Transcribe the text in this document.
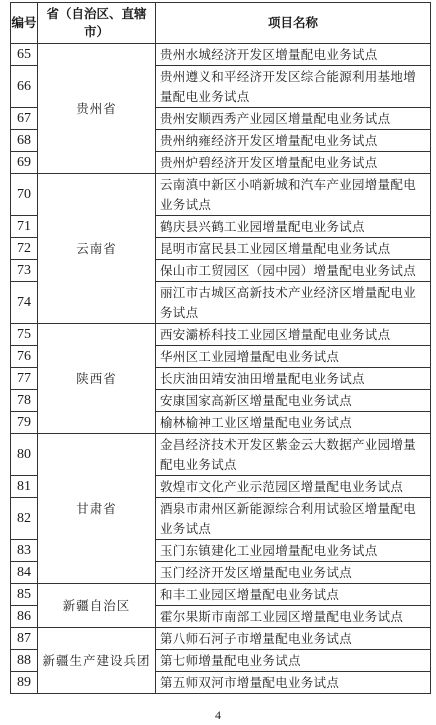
编号	省（自治区、直辖市）	项目名称
65	贵州省	贵州水城经济开发区增量配电业务试点
66		贵州遵义和平经济开发区综合能源利用基地增量配电业务试点
67		贵州安顺西秀产业园区增量配电业务试点
68		贵州纳雍经济开发区增量配电业务试点
69		贵州炉碧经济开发区增量配电业务试点
70	云南省	云南滇中新区小哨新城和汽车产业园增量配电业务试点
71		鹤庆县兴鹤工业园增量配电业务试点
72		昆明市富民县工业园区增量配电业务试点
73		保山市工贸园区（园中园）增量配电业务试点
74		丽江市古城区高新技术产业经济区增量配电业务试点
75	陕西省	西安灞桥科技工业园区增量配电业务试点
76		华州区工业园增量配电业务试点
77		长庆油田靖安油田增量配电业务试点
78		安康国家高新区增量配电业务试点
79		榆林榆神工业区增量配电业务试点
80	甘肃省	金昌经济技术开发区紫金云大数据产业园增量配电业务试点
81		敦煌市文化产业示范园区增量配电业务试点
82		酒泉市肃州区新能源综合利用试验区增量配电业务试点
83		玉门东镇建化工业园增量配电业务试点
84		玉门经济开发区增量配电业务试点
85	新疆自治区	和丰工业园区增量配电业务试点
86		霍尔果斯市南部工业园区增量配电业务试点
87	新疆生产建设兵团	第八师石河子市增量配电业务试点
88		第七师增量配电业务试点
89		第五师双河市增量配电业务试点
4
